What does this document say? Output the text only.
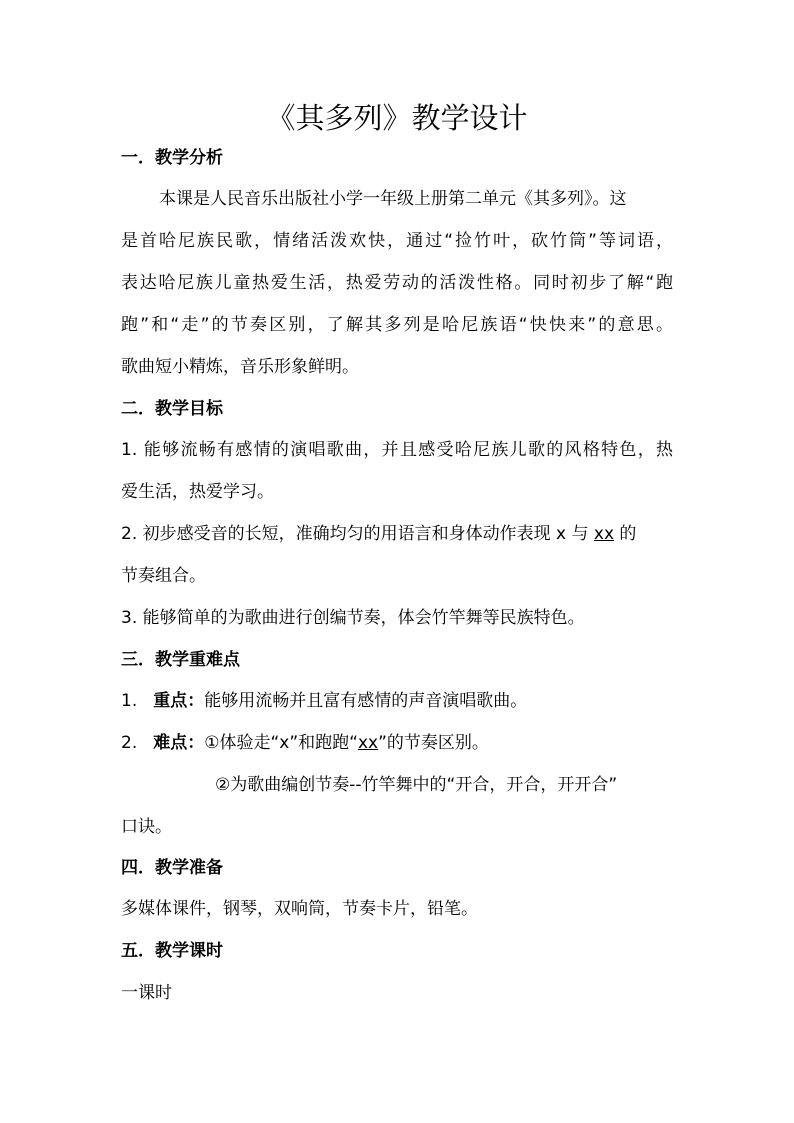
《其多列》教学设计
一．教学分析
本课是人民音乐出版社小学一年级上册第二单元《其多列》。这
是首哈尼族民歌，情绪活泼欢快，通过“捡竹叶，砍竹筒”等词语，
表达哈尼族儿童热爱生活，热爱劳动的活泼性格。同时初步了解“跑
跑”和“走”的节奏区别，了解其多列是哈尼族语“快快来”的意思。
歌曲短小精炼，音乐形象鲜明。
二．教学目标
1. 能够流畅有感情的演唱歌曲，并且感受哈尼族儿歌的风格特色，热
爱生活，热爱学习。
2. 初步感受音的长短，准确均匀的用语言和身体动作表现 x 与 xx 的
节奏组合。
3. 能够简单的为歌曲进行创编节奏，体会竹竿舞等民族特色。
三．教学重难点
1. 重点：能够用流畅并且富有感情的声音演唱歌曲。
2. 难点：①体验走“x”和跑跑“xx”的节奏区别。
②为歌曲编创节奏--竹竿舞中的“开合，开合，开开合”
口诀。
四．教学准备
多媒体课件，钢琴，双响筒，节奏卡片，铅笔。
五．教学课时
一课时
